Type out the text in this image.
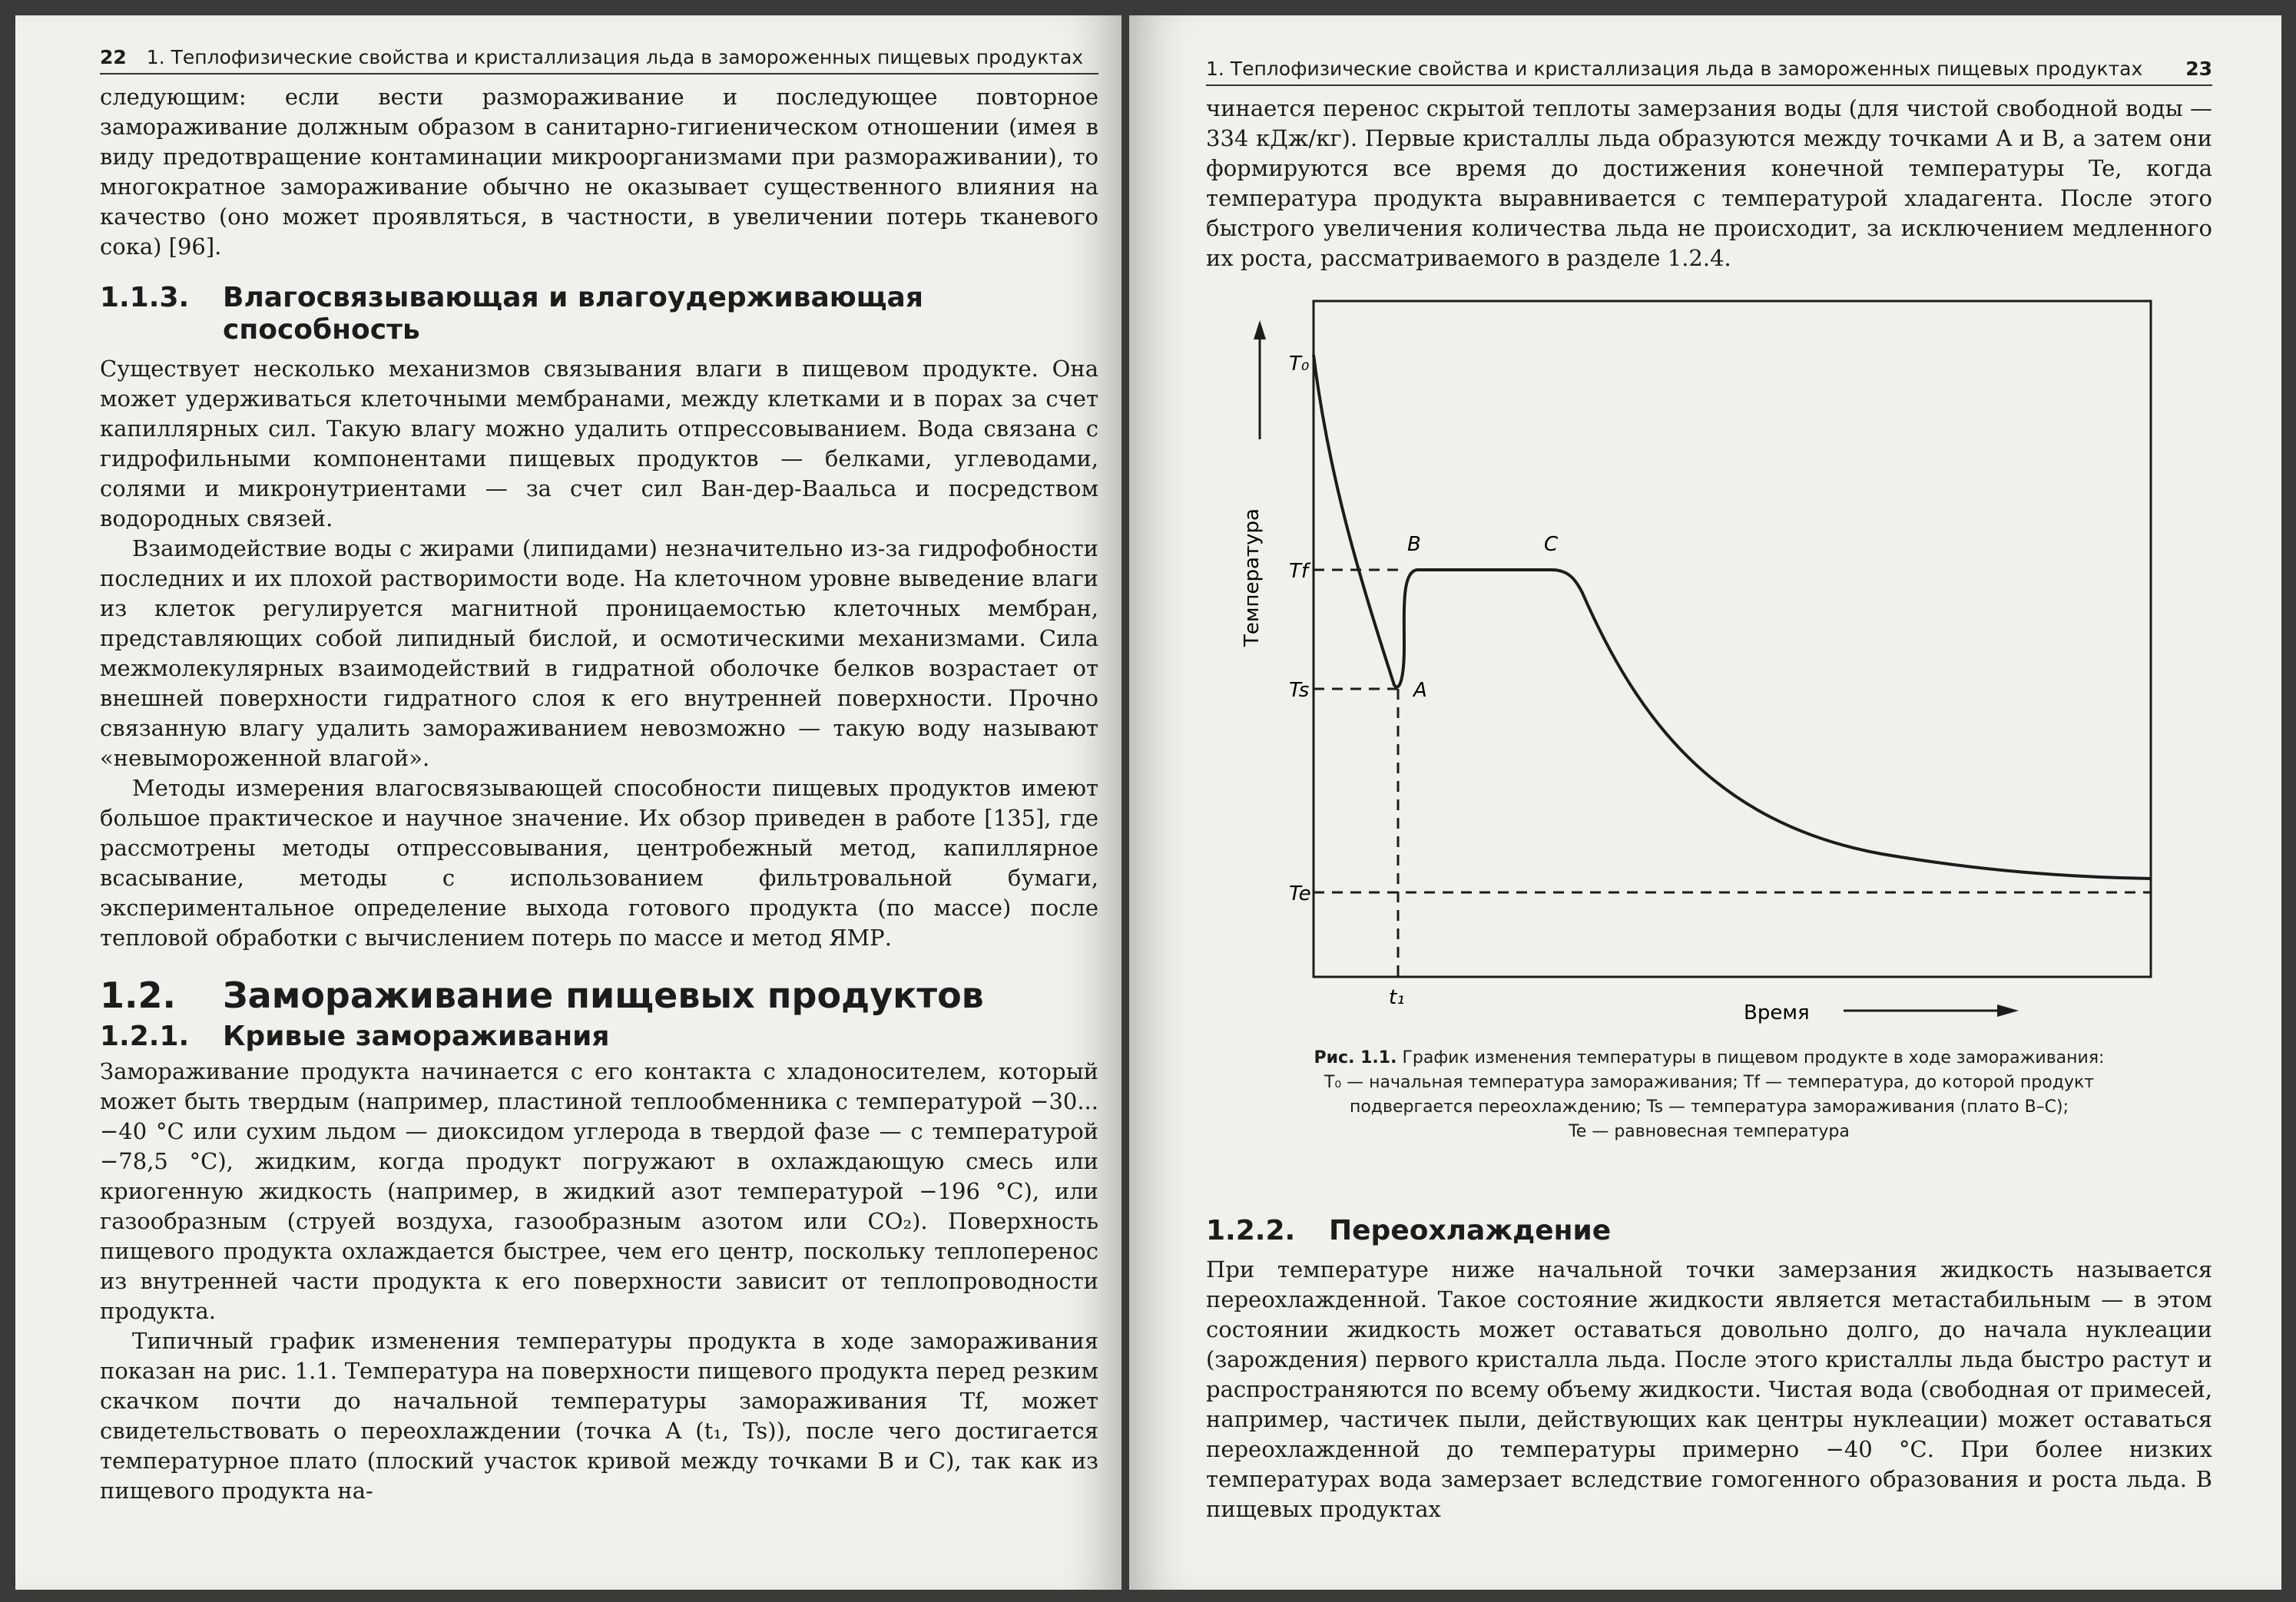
22 1. Теплофизические свойства и кристаллизация льда в замороженных пищевых продуктах

следующим: если вести размораживание и последующее повторное замораживание должным образом в санитарно-гигиеническом отношении (имея в виду предотвращение контаминации микроорганизмами при размораживании), то многократное замораживание обычно не оказывает существенного влияния на качество (оно может проявляться, в частности, в увеличении потерь тканевого сока) [96].

1.1.3.	Влагосвязывающая и влагоудерживающая способность

Существует несколько механизмов связывания влаги в пищевом продукте. Она может удерживаться клеточными мембранами, между клетками и в порах за счет капиллярных сил. Такую влагу можно удалить отпрессовыванием. Вода связана с гидрофильными компонентами пищевых продуктов — белками, углеводами, солями и микронутриентами — за счет сил Ван-дер-Ваальса и посредством водородных связей.

Взаимодействие воды с жирами (липидами) незначительно из-за гидрофобности последних и их плохой растворимости воде. На клеточном уровне выведение влаги из клеток регулируется магнитной проницаемостью клеточных мембран, представляющих собой липидный бислой, и осмотическими механизмами. Сила межмолекулярных взаимодействий в гидратной оболочке белков возрастает от внешней поверхности гидратного слоя к его внутренней поверхности. Прочно связанную влагу удалить замораживанием невозможно — такую воду называют «невымороженной влагой».

Методы измерения влагосвязывающей способности пищевых продуктов имеют большое практическое и научное значение. Их обзор приведен в работе [135], где рассмотрены методы отпрессовывания, центробежный метод, капиллярное всасывание, методы с использованием фильтровальной бумаги, экспериментальное определение выхода готового продукта (по массе) после тепловой обработки с вычислением потерь по массе и метод ЯМР.

1.2.	Замораживание пищевых продуктов
1.2.1.	Кривые замораживания

Замораживание продукта начинается с его контакта с хладоносителем, который может быть твердым (например, пластиной теплообменника с температурой −30... −40 °С или сухим льдом — диоксидом углерода в твердой фазе — с температурой −78,5 °С), жидким, когда продукт погружают в охлаждающую смесь или криогенную жидкость (например, в жидкий азот температурой −196 °С), или газообразным (струей воздуха, газообразным азотом или CO₂). Поверхность пищевого продукта охлаждается быстрее, чем его центр, поскольку теплоперенос из внутренней части продукта к его поверхности зависит от теплопроводности продукта.

Типичный график изменения температуры продукта в ходе замораживания показан на рис. 1.1. Температура на поверхности пищевого продукта перед резким скачком почти до начальной температуры замораживания Tf, может свидетельствовать о переохлаждении (точка A (t₁, Ts)), после чего достигается температурное плато (плоский участок кривой между точками B и C), так как из пищевого продукта на-

1. Теплофизические свойства и кристаллизация льда в замороженных пищевых продуктах 23

чинается перенос скрытой теплоты замерзания воды (для чистой свободной воды — 334 кДж/кг). Первые кристаллы льда образуются между точками A и B, а затем они формируются все время до достижения конечной температуры Te, когда температура продукта выравнивается с температурой хладагента. После этого быстрого увеличения количества льда не происходит, за исключением медленного их роста, рассматриваемого в разделе 1.2.4.

T₀
Tf
Ts
Te
t₁
A
B	C
Температура
Время
Рис. 1.1. График изменения температуры в пищевом продукте в ходе замораживания:
T₀ — начальная температура замораживания; Tf — температура, до которой продукт
подвергается переохлаждению; Ts — температура замораживания (плато B–C);
Te — равновесная температура
1.2.2.	Переохлаждение

При температуре ниже начальной точки замерзания жидкость называется переохлажденной. Такое состояние жидкости является метастабильным — в этом состоянии жидкость может оставаться довольно долго, до начала нуклеации (зарождения) первого кристалла льда. После этого кристаллы льда быстро растут и распространяются по всему объему жидкости. Чистая вода (свободная от примесей, например, частичек пыли, действующих как центры нуклеации) может оставаться переохлажденной до температуры примерно −40 °С. При более низких температурах вода замерзает вследствие гомогенного образования и роста льда. В пищевых продуктах
